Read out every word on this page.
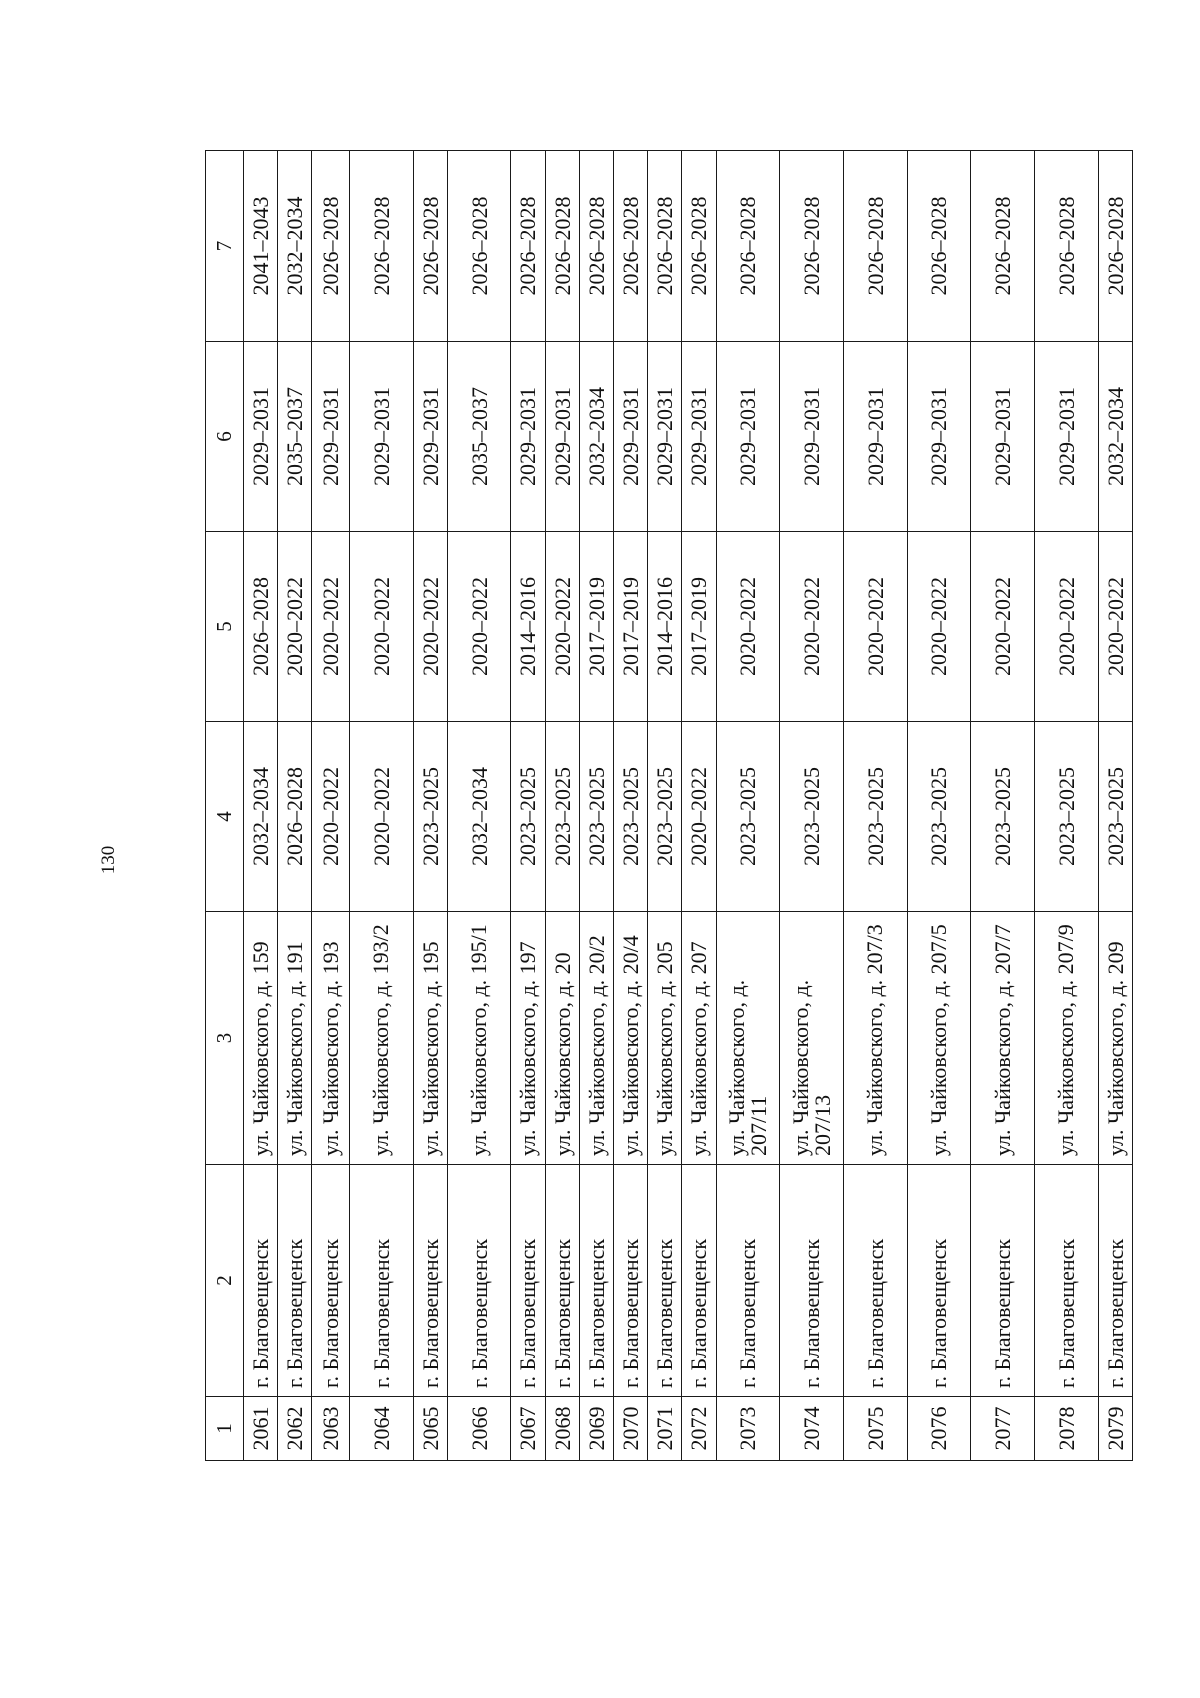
130
1	2	3	4	5	6	7
2061	г. Благовещенск	ул. Чайковского, д. 159	2032–2034	2026–2028	2029–2031	2041–2043
2062	г. Благовещенск	ул. Чайковского, д. 191	2026–2028	2020–2022	2035–2037	2032–2034
2063	г. Благовещенск	ул. Чайковского, д. 193	2020–2022	2020–2022	2029–2031	2026–2028
2064	г. Благовещенск	ул. Чайковского, д. 193/2	2020–2022	2020–2022	2029–2031	2026–2028
2065	г. Благовещенск	ул. Чайковского, д. 195	2023–2025	2020–2022	2029–2031	2026–2028
2066	г. Благовещенск	ул. Чайковского, д. 195/1	2032–2034	2020–2022	2035–2037	2026–2028
2067	г. Благовещенск	ул. Чайковского, д. 197	2023–2025	2014–2016	2029–2031	2026–2028
2068	г. Благовещенск	ул. Чайковского, д. 20	2023–2025	2020–2022	2029–2031	2026–2028
2069	г. Благовещенск	ул. Чайковского, д. 20/2	2023–2025	2017–2019	2032–2034	2026–2028
2070	г. Благовещенск	ул. Чайковского, д. 20/4	2023–2025	2017–2019	2029–2031	2026–2028
2071	г. Благовещенск	ул. Чайковского, д. 205	2023–2025	2014–2016	2029–2031	2026–2028
2072	г. Благовещенск	ул. Чайковского, д. 207	2020–2022	2017–2019	2029–2031	2026–2028
2073	г. Благовещенск	ул. Чайковского, д. 207/11	2023–2025	2020–2022	2029–2031	2026–2028
2074	г. Благовещенск	ул. Чайковского, д. 207/13	2023–2025	2020–2022	2029–2031	2026–2028
2075	г. Благовещенск	ул. Чайковского, д. 207/3	2023–2025	2020–2022	2029–2031	2026–2028
2076	г. Благовещенск	ул. Чайковского, д. 207/5	2023–2025	2020–2022	2029–2031	2026–2028
2077	г. Благовещенск	ул. Чайковского, д. 207/7	2023–2025	2020–2022	2029–2031	2026–2028
2078	г. Благовещенск	ул. Чайковского, д. 207/9	2023–2025	2020–2022	2029–2031	2026–2028
2079	г. Благовещенск	ул. Чайковского, д. 209	2023–2025	2020–2022	2032–2034	2026–2028
